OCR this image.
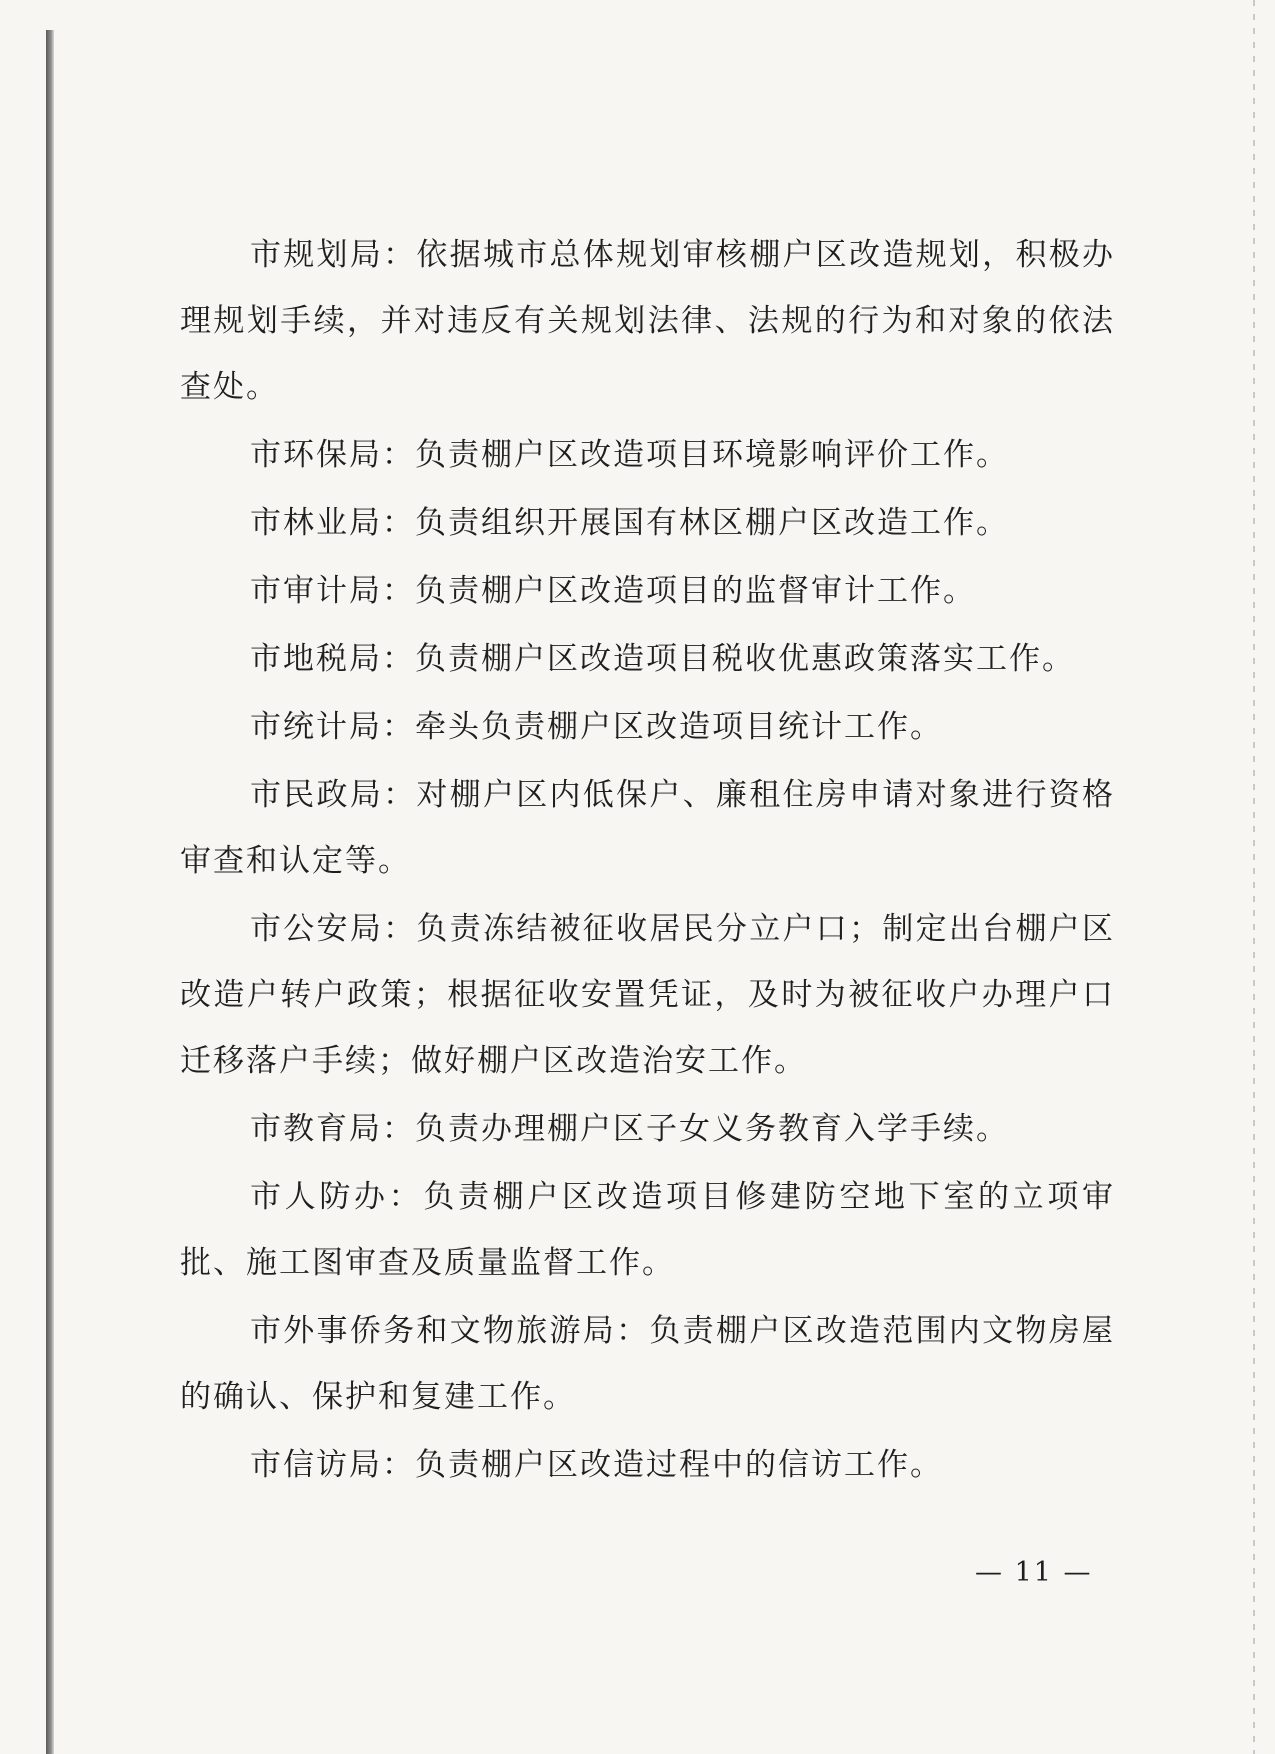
市规划局：依据城市总体规划审核棚户区改造规划，积极办理规划手续，并对违反有关规划法律、法规的行为和对象的依法查处。

市环保局：负责棚户区改造项目环境影响评价工作。

市林业局：负责组织开展国有林区棚户区改造工作。

市审计局：负责棚户区改造项目的监督审计工作。

市地税局：负责棚户区改造项目税收优惠政策落实工作。

市统计局：牵头负责棚户区改造项目统计工作。

市民政局：对棚户区内低保户、廉租住房申请对象进行资格审查和认定等。

市公安局：负责冻结被征收居民分立户口；制定出台棚户区改造户转户政策；根据征收安置凭证，及时为被征收户办理户口迁移落户手续；做好棚户区改造治安工作。

市教育局：负责办理棚户区子女义务教育入学手续。

市人防办：负责棚户区改造项目修建防空地下室的立项审批、施工图审查及质量监督工作。

市外事侨务和文物旅游局：负责棚户区改造范围内文物房屋的确认、保护和复建工作。

市信访局：负责棚户区改造过程中的信访工作。

— 11 —
